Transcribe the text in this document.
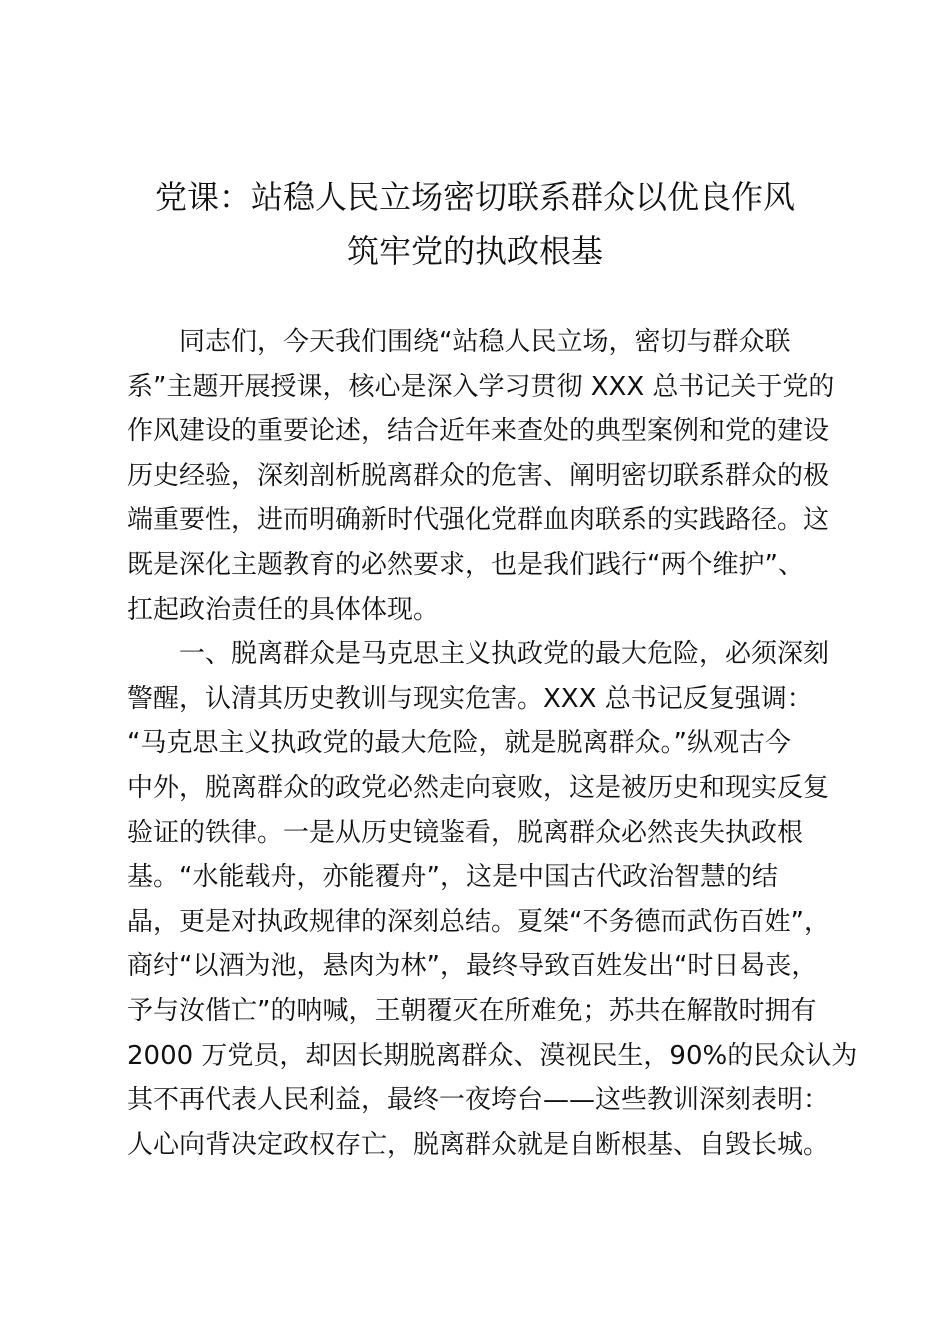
党课：站稳人民立场密切联系群众以优良作风
筑牢党的执政根基
同志们，今天我们围绕“站稳人民立场，密切与群众联
系”主题开展授课，核心是深入学习贯彻 XXX 总书记关于党的
作风建设的重要论述，结合近年来查处的典型案例和党的建设
历史经验，深刻剖析脱离群众的危害、阐明密切联系群众的极
端重要性，进而明确新时代强化党群血肉联系的实践路径。这
既是深化主题教育的必然要求，也是我们践行“两个维护”、
扛起政治责任的具体体现。
一、脱离群众是马克思主义执政党的最大危险，必须深刻
警醒，认清其历史教训与现实危害。XXX 总书记反复强调：
“马克思主义执政党的最大危险，就是脱离群众。”纵观古今
中外，脱离群众的政党必然走向衰败，这是被历史和现实反复
验证的铁律。一是从历史镜鉴看，脱离群众必然丧失执政根
基。“水能载舟，亦能覆舟”，这是中国古代政治智慧的结
晶，更是对执政规律的深刻总结。夏桀“不务德而武伤百姓”，
商纣“以酒为池，悬肉为林”，最终导致百姓发出“时日曷丧，
予与汝偕亡”的呐喊，王朝覆灭在所难免；苏共在解散时拥有
2000 万党员，却因长期脱离群众、漠视民生，90%的民众认为
其不再代表人民利益，最终一夜垮台——这些教训深刻表明：
人心向背决定政权存亡，脱离群众就是自断根基、自毁长城。
